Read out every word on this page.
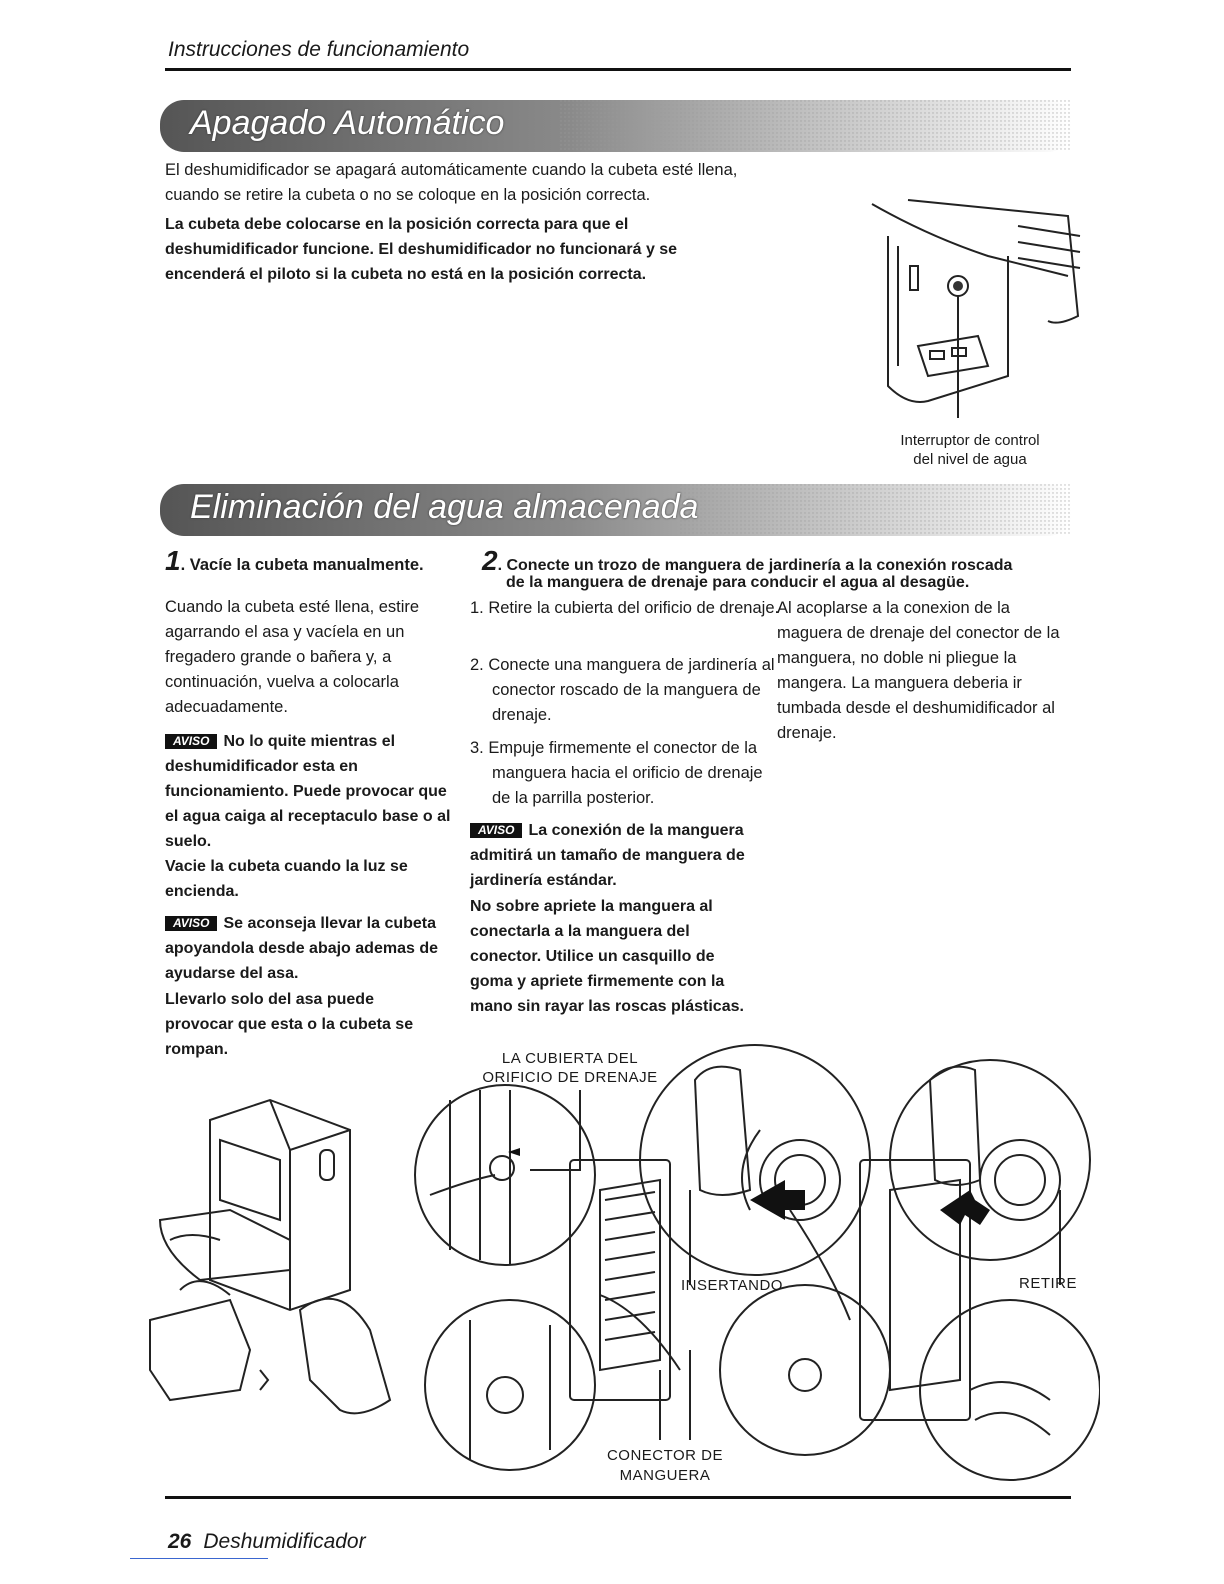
Instrucciones de funcionamiento
Apagado Automático
El deshumidificador se apagará automáticamente cuando la cubeta esté llena, cuando se retire la cubeta o no se coloque en la posición correcta.
La cubeta debe colocarse en la posición correcta para que el deshumidificador funcione. El deshumidificador no funcionará y se encenderá el piloto si la cubeta no está en la posición correcta.
Interruptor de control
del nivel de agua
Eliminación del agua almacenada
1. Vacíe la cubeta manualmente.
Cuando la cubeta esté llena, estire agarrando el asa y vacíela en un fregadero grande o bañera y, a continuación, vuelva a colocarla adecuadamente.
AVISO No lo quite mientras el deshumidificador esta en funcionamiento. Puede provocar que el agua caiga al receptaculo base o al suelo.
Vacie la cubeta cuando la luz se encienda.
AVISO Se aconseja llevar la cubeta apoyandola desde abajo ademas de ayudarse del asa.
Llevarlo solo del asa puede provocar que esta o la cubeta se rompan.
2. Conecte un trozo de manguera de jardinería a la conexión roscada
de la manguera de drenaje para conducir el agua al desagüe.
1. Retire la cubierta del orificio de drenaje.
2. Conecte una manguera de jardinería al conector roscado de la manguera de drenaje.
3. Empuje firmemente el conector de la manguera hacia el orificio de drenaje de la parrilla posterior.
AVISO La conexión de la manguera admitirá un tamaño de manguera de jardinería estándar.
No sobre apriete la manguera al conectarla a la manguera del conector. Utilice un casquillo de goma y apriete firmemente con la mano sin rayar las roscas plásticas.
Al acoplarse a la conexion de la maguera de drenaje del conector de la manguera, no doble ni pliegue la mangera. La manguera deberia ir tumbada desde el deshumidificador al drenaje.
LA CUBIERTA DEL
ORIFICIO DE DRENAJE
INSERTANDO	RETIRE
CONECTOR DE
MANGUERA
26 Deshumidificador
